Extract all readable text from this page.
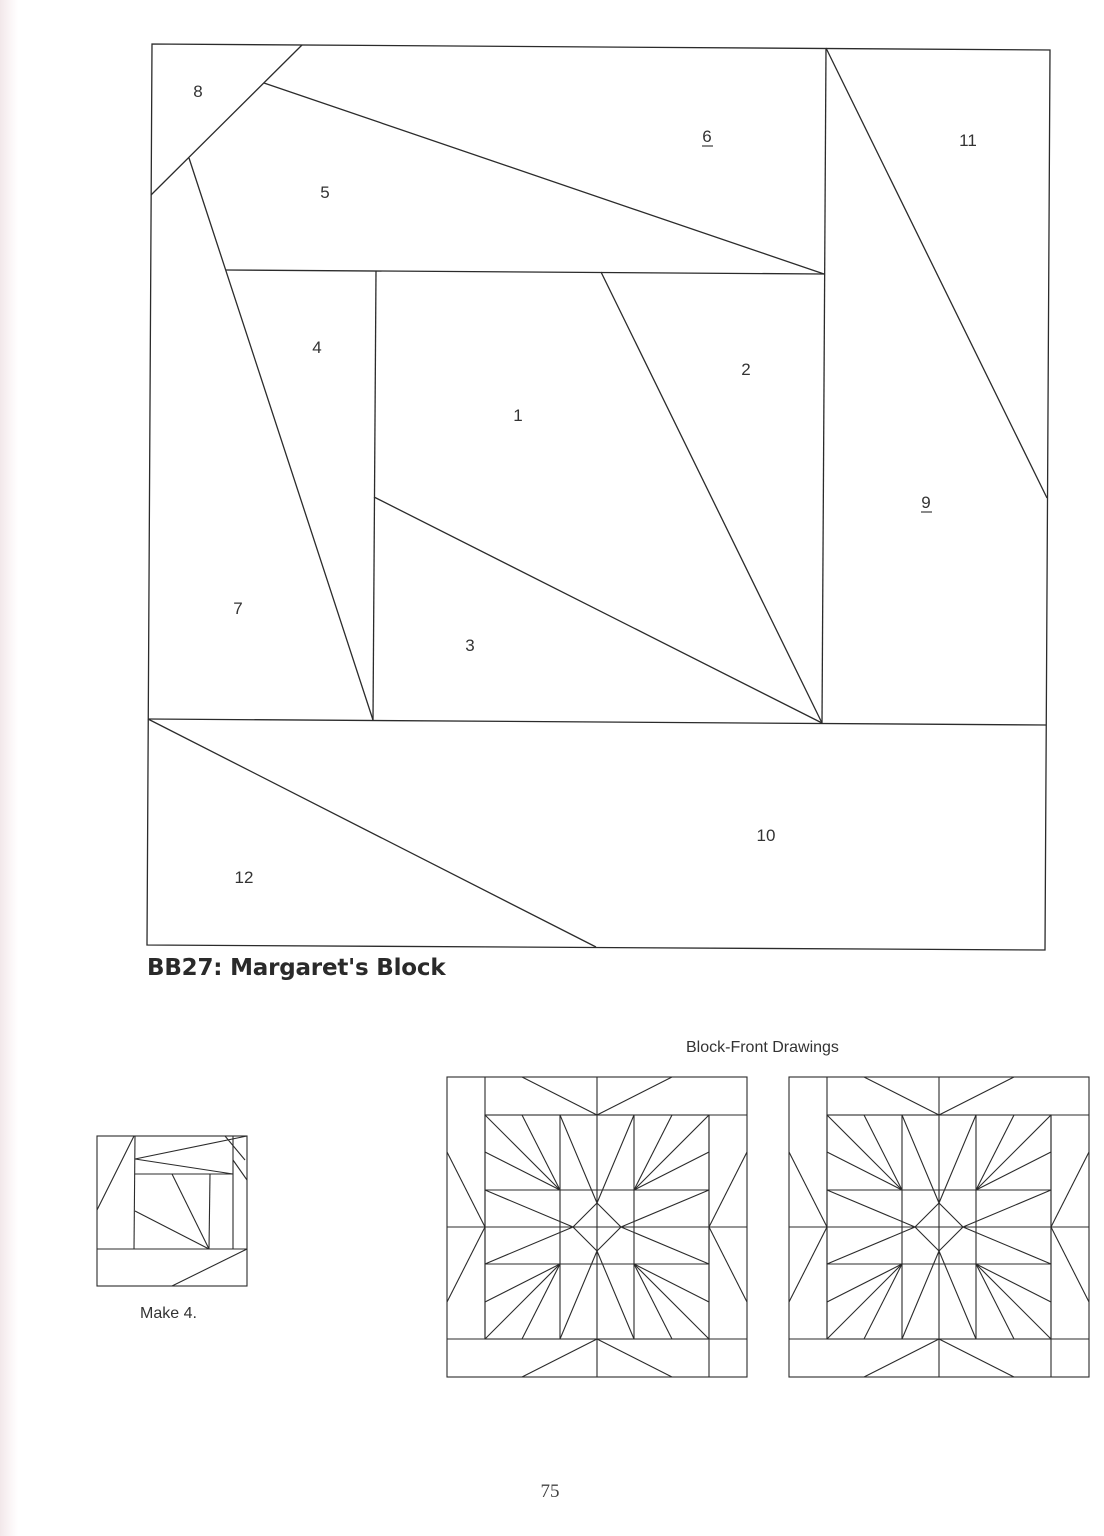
1
2
3
4
5
6
7
8
9
10
11
12
BB27: Margaret's Block
Make 4.
Block-Front Drawings
75
